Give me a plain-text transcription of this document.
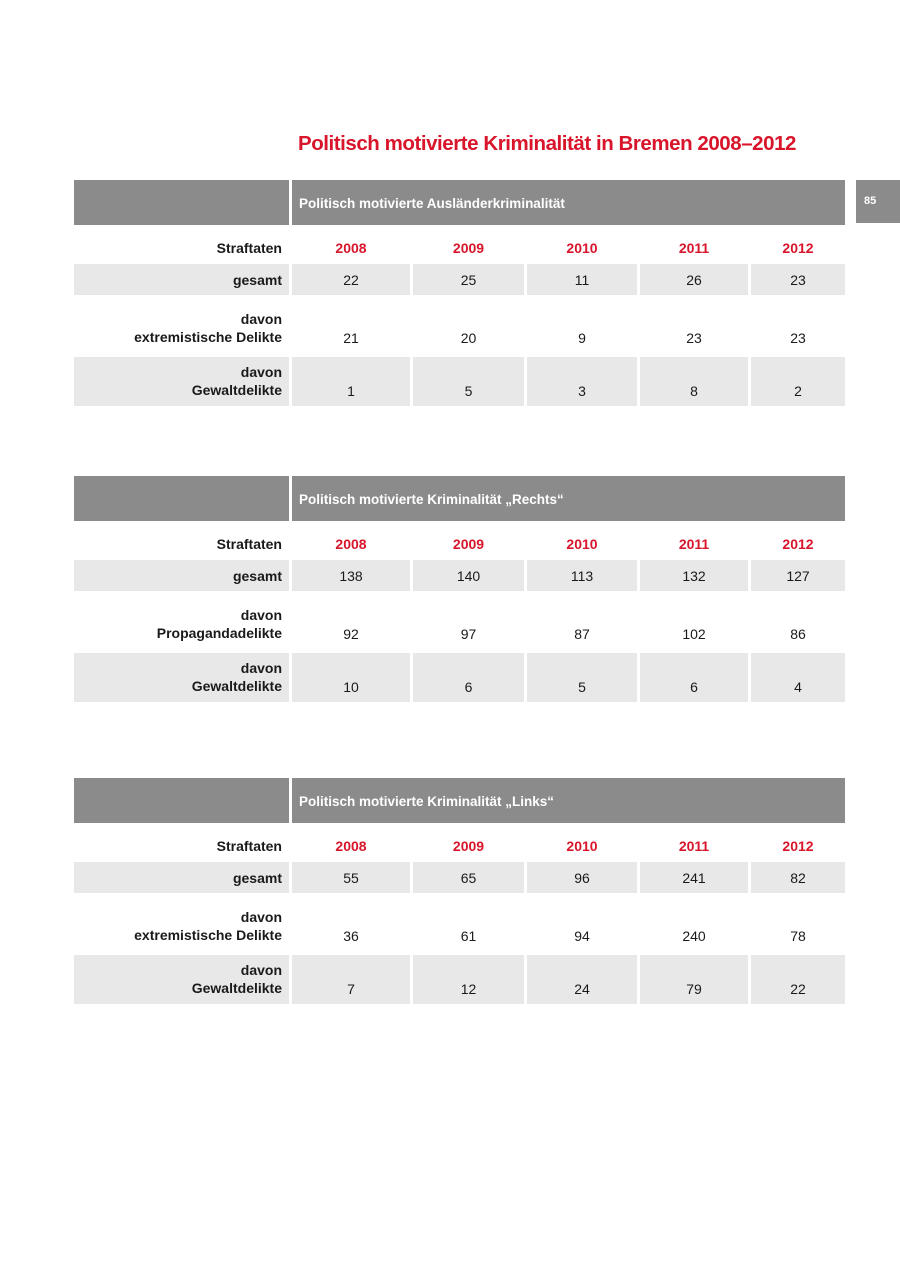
Politisch motivierte Kriminalität in Bremen 2008–2012
85
Politisch motivierte Ausländerkriminalität
Straftaten	2008	2009	2010	2011	2012
gesamt	22	25	11	26	23
davon
extremistische Delikte	21	20	9	23	23
davon
Gewaltdelikte	1	5	3	8	2
Politisch motivierte Kriminalität „Rechts“
Straftaten	2008	2009	2010	2011	2012
gesamt	138	140	113	132	127
davon
Propagandadelikte	92	97	87	102	86
davon
Gewaltdelikte	10	6	5	6	4
Politisch motivierte Kriminalität „Links“
Straftaten	2008	2009	2010	2011	2012
gesamt	55	65	96	241	82
davon
extremistische Delikte	36	61	94	240	78
davon
Gewaltdelikte	7	12	24	79	22
